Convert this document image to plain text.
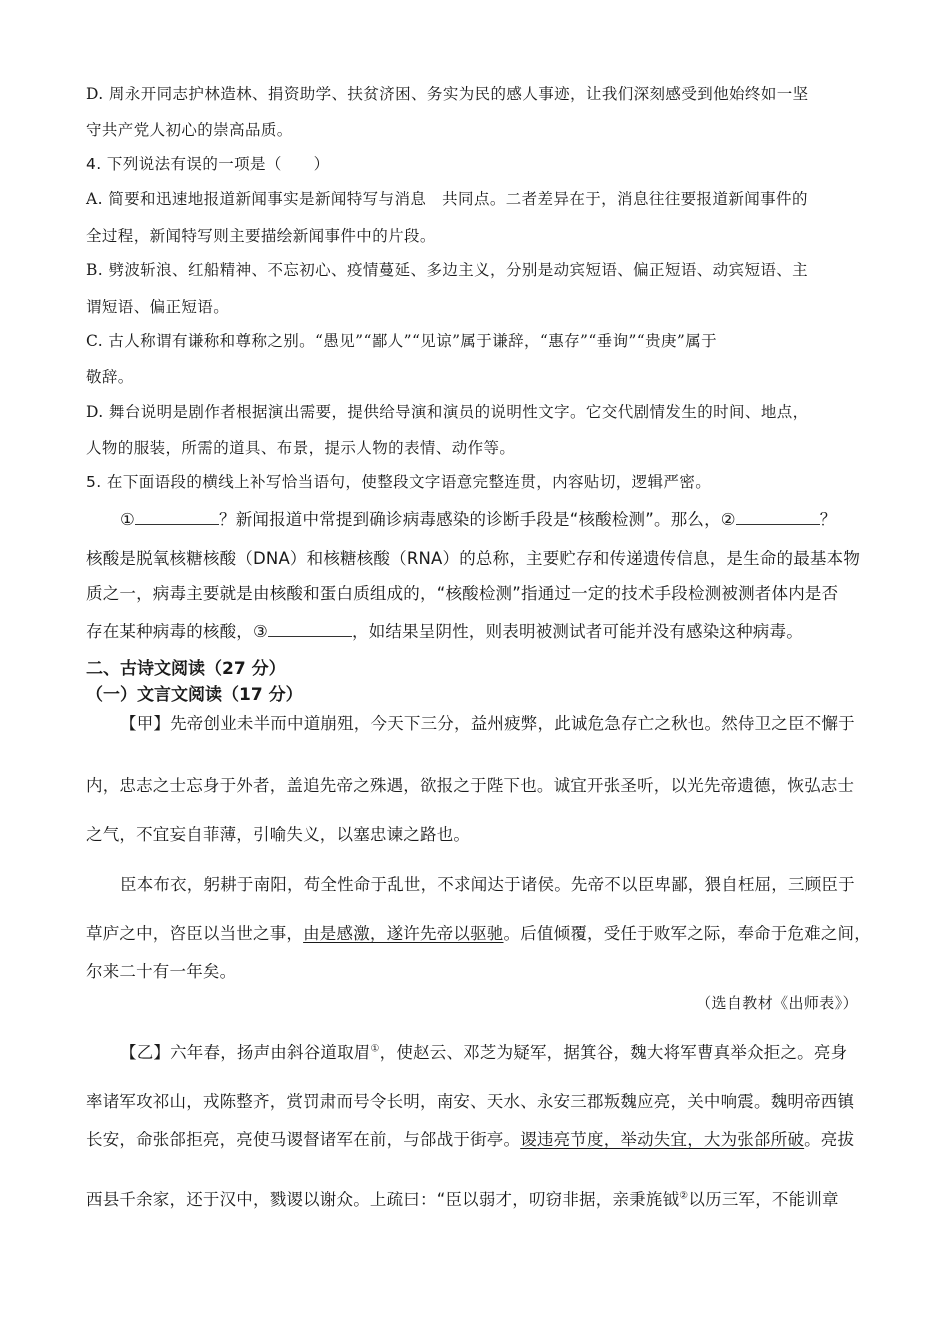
D. 周永开同志护林造林、捐资助学、扶贫济困、务实为民的感人事迹，让我们深刻感受到他始终如一坚
守共产党人初心的崇高品质。
4. 下列说法有误的一项是（　　）
A. 简要和迅速地报道新闻事实是新闻特写与消息　共同点。二者差异在于，消息往往要报道新闻事件的
全过程，新闻特写则主要描绘新闻事件中的片段。
B. 劈波斩浪、红船精神、不忘初心、疫情蔓延、多边主义，分别是动宾短语、偏正短语、动宾短语、主
谓短语、偏正短语。
C. 古人称谓有谦称和尊称之别。“愚见”“鄙人”“见谅”属于谦辞，“惠存”“垂询”“贵庚”属于
敬辞。
D. 舞台说明是剧作者根据演出需要，提供给导演和演员的说明性文字。它交代剧情发生的时间、地点，
人物的服装，所需的道具、布景，提示人物的表情、动作等。
5. 在下面语段的横线上补写恰当语句，使整段文字语意完整连贯，内容贴切，逻辑严密。
①	？新闻报道中常提到确诊病毒感染的诊断手段是“核酸检测”。那么，②	？
核酸是脱氧核糖核酸（DNA）和核糖核酸（RNA）的总称，主要贮存和传递遗传信息，是生命的最基本物
质之一，病毒主要就是由核酸和蛋白质组成的，“核酸检测”指通过一定的技术手段检测被测者体内是否
存在某种病毒的核酸，③	，如结果呈阴性，则表明被测试者可能并没有感染这种病毒。
二、古诗文阅读（27 分）
（一）文言文阅读（17 分）
【甲】先帝创业未半而中道崩殂，今天下三分，益州疲弊，此诚危急存亡之秋也。然侍卫之臣不懈于
内，忠志之士忘身于外者，盖追先帝之殊遇，欲报之于陛下也。诚宜开张圣听，以光先帝遗德，恢弘志士
之气，不宜妄自菲薄，引喻失义，以塞忠谏之路也。
臣本布衣，躬耕于南阳，苟全性命于乱世，不求闻达于诸侯。先帝不以臣卑鄙，猥自枉屈，三顾臣于
草庐之中，咨臣以当世之事，由是感激，遂许先帝以驱驰。后值倾覆，受任于败军之际，奉命于危难之间，
尔来二十有一年矣。
（选自教材《出师表》）
【乙】六年春，扬声由斜谷道取眉①，使赵云、邓芝为疑军，据箕谷，魏大将军曹真举众拒之。亮身
率诸军攻祁山，戎陈整齐，赏罚肃而号令长明，南安、天水、永安三郡叛魏应亮，关中响震。魏明帝西镇
长安，命张郃拒亮，亮使马谡督诸军在前，与郃战于街亭。谡违亮节度，举动失宜，大为张郃所破。亮拔
西县千余家，还于汉中，戮谡以谢众。上疏曰：“臣以弱才，叨窃非据，亲秉旄钺②以历三军，不能训章
